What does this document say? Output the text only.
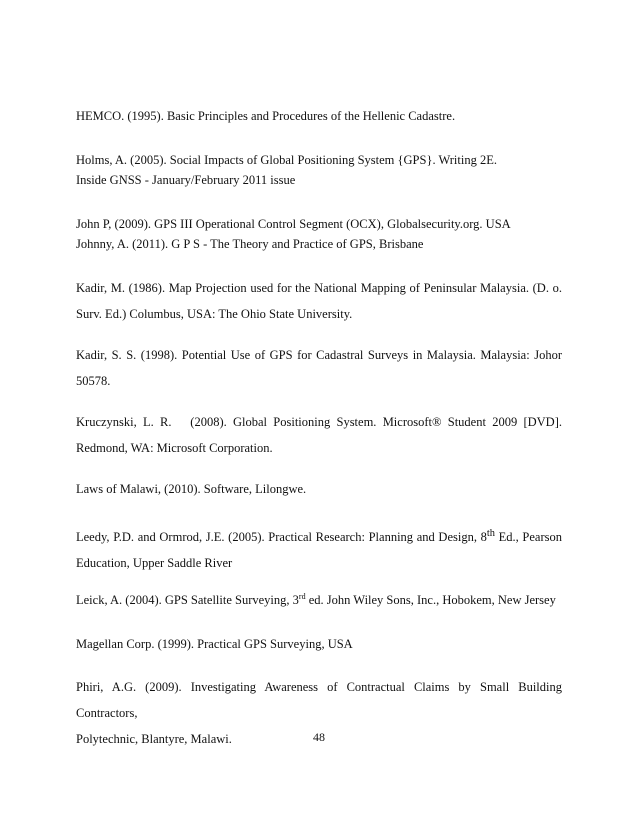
HEMCO. (1995). Basic Principles and Procedures of the Hellenic Cadastre.
Holms, A. (2005). Social Impacts of Global Positioning System {GPS}. Writing 2E.
Inside GNSS - January/February 2011 issue
John P, (2009). GPS III Operational Control Segment (OCX), Globalsecurity.org. USA
Johnny, A. (2011). G P S - The Theory and Practice of GPS, Brisbane
Kadir, M. (1986). Map Projection used for the National Mapping of Peninsular Malaysia. (D. o.
Surv. Ed.) Columbus, USA: The Ohio State University.
Kadir, S. S. (1998). Potential Use of GPS for Cadastral Surveys in Malaysia. Malaysia: Johor
50578.
Kruczynski, L. R.   (2008). Global Positioning System. Microsoft® Student 2009 [DVD].
Redmond, WA: Microsoft Corporation.
Laws of Malawi, (2010). Software, Lilongwe.
Leedy, P.D. and Ormrod, J.E. (2005). Practical Research: Planning and Design, 8th Ed., Pearson
Education, Upper Saddle River
Leick, A. (2004). GPS Satellite Surveying, 3rd ed. John Wiley Sons, Inc., Hobokem, New Jersey
Magellan Corp. (1999). Practical GPS Surveying, USA
Phiri, A.G. (2009). Investigating Awareness of Contractual Claims by Small Building Contractors,
Polytechnic, Blantyre, Malawi.	48
